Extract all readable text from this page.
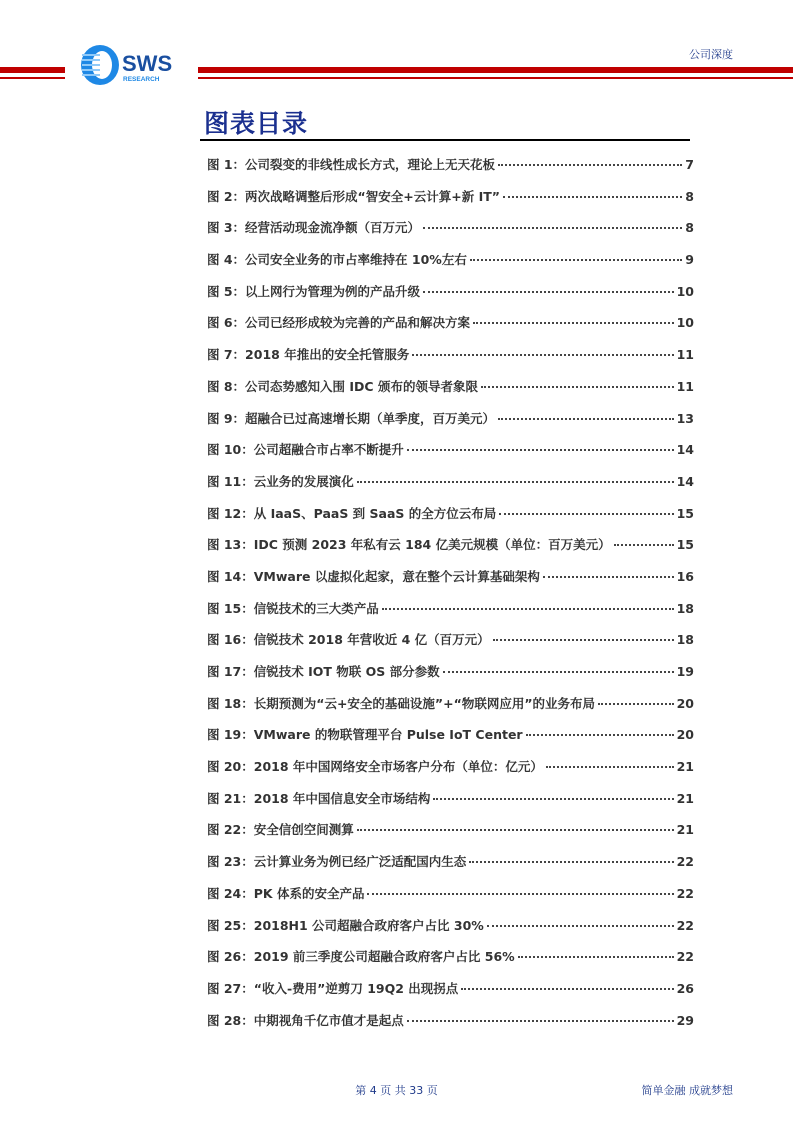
SWS
RESEARCH
公司深度
图表目录
图 1：公司裂变的非线性成长方式，理论上无天花板	7
图 2：两次战略调整后形成“智安全+云计算+新 IT”	8
图 3：经营活动现金流净额（百万元）	8
图 4：公司安全业务的市占率维持在 10%左右	9
图 5：以上网行为管理为例的产品升级	10
图 6：公司已经形成较为完善的产品和解决方案	10
图 7：2018 年推出的安全托管服务	11
图 8：公司态势感知入围 IDC 颁布的领导者象限	11
图 9：超融合已过高速增长期（单季度，百万美元）	13
图 10：公司超融合市占率不断提升	14
图 11：云业务的发展演化	14
图 12：从 IaaS、PaaS 到 SaaS 的全方位云布局	15
图 13：IDC 预测 2023 年私有云 184 亿美元规模（单位：百万美元）	15
图 14：VMware 以虚拟化起家，意在整个云计算基础架构	16
图 15：信锐技术的三大类产品	18
图 16：信锐技术 2018 年营收近 4 亿（百万元）	18
图 17：信锐技术 IOT 物联 OS 部分参数	19
图 18：长期预测为“云+安全的基础设施”+“物联网应用”的业务布局	20
图 19：VMware 的物联管理平台 Pulse IoT Center	20
图 20：2018 年中国网络安全市场客户分布（单位：亿元）	21
图 21：2018 年中国信息安全市场结构	21
图 22：安全信创空间测算	21
图 23：云计算业务为例已经广泛适配国内生态	22
图 24：PK 体系的安全产品	22
图 25：2018H1 公司超融合政府客户占比 30%	22
图 26：2019 前三季度公司超融合政府客户占比 56%	22
图 27：“收入-费用”逆剪刀 19Q2 出现拐点	26
图 28：中期视角千亿市值才是起点	29
第 4 页 共 33 页	简单金融 成就梦想
